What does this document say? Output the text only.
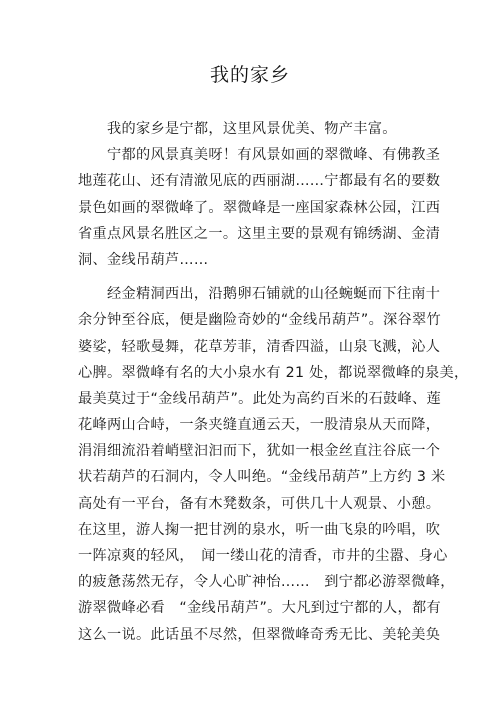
我的家乡
　　我的家乡是宁都，这里风景优美、物产丰富。
　　宁都的风景真美呀！有风景如画的翠微峰、有佛教圣
地莲花山、还有清澈见底的西丽湖……宁都最有名的要数
景色如画的翠微峰了。翠微峰是一座国家森林公园，江西
省重点风景名胜区之一。这里主要的景观有锦绣湖、金清
洞、金线吊葫芦……
　　经金精洞西出，沿鹅卵石铺就的山径蜿蜒而下往南十
余分钟至谷底，便是幽险奇妙的“金线吊葫芦”。深谷翠竹
婆娑，轻歌曼舞，花草芳菲，清香四溢，山泉飞溅，沁人
心脾。翠微峰有名的大小泉水有 21 处，都说翠微峰的泉美，
最美莫过于“金线吊葫芦”。此处为高约百米的石鼓峰、莲
花峰两山合峙，一条夹缝直通云天，一股清泉从天而降，
涓涓细流沿着峭壁汩汩而下，犹如一根金丝直注谷底一个
状若葫芦的石洞内，令人叫绝。“金线吊葫芦”上方约 3 米
高处有一平台，备有木凳数条，可供几十人观景、小憩。
在这里，游人掬一把甘洌的泉水，听一曲飞泉的吟唱，吹
一阵凉爽的轻风，　闻一缕山花的清香，市井的尘嚣、身心
的疲惫荡然无存，令人心旷神怡……　到宁都必游翠微峰，
游翠微峰必看　“金线吊葫芦”。大凡到过宁都的人，都有
这么一说。此话虽不尽然，但翠微峰奇秀无比、美轮美奂
